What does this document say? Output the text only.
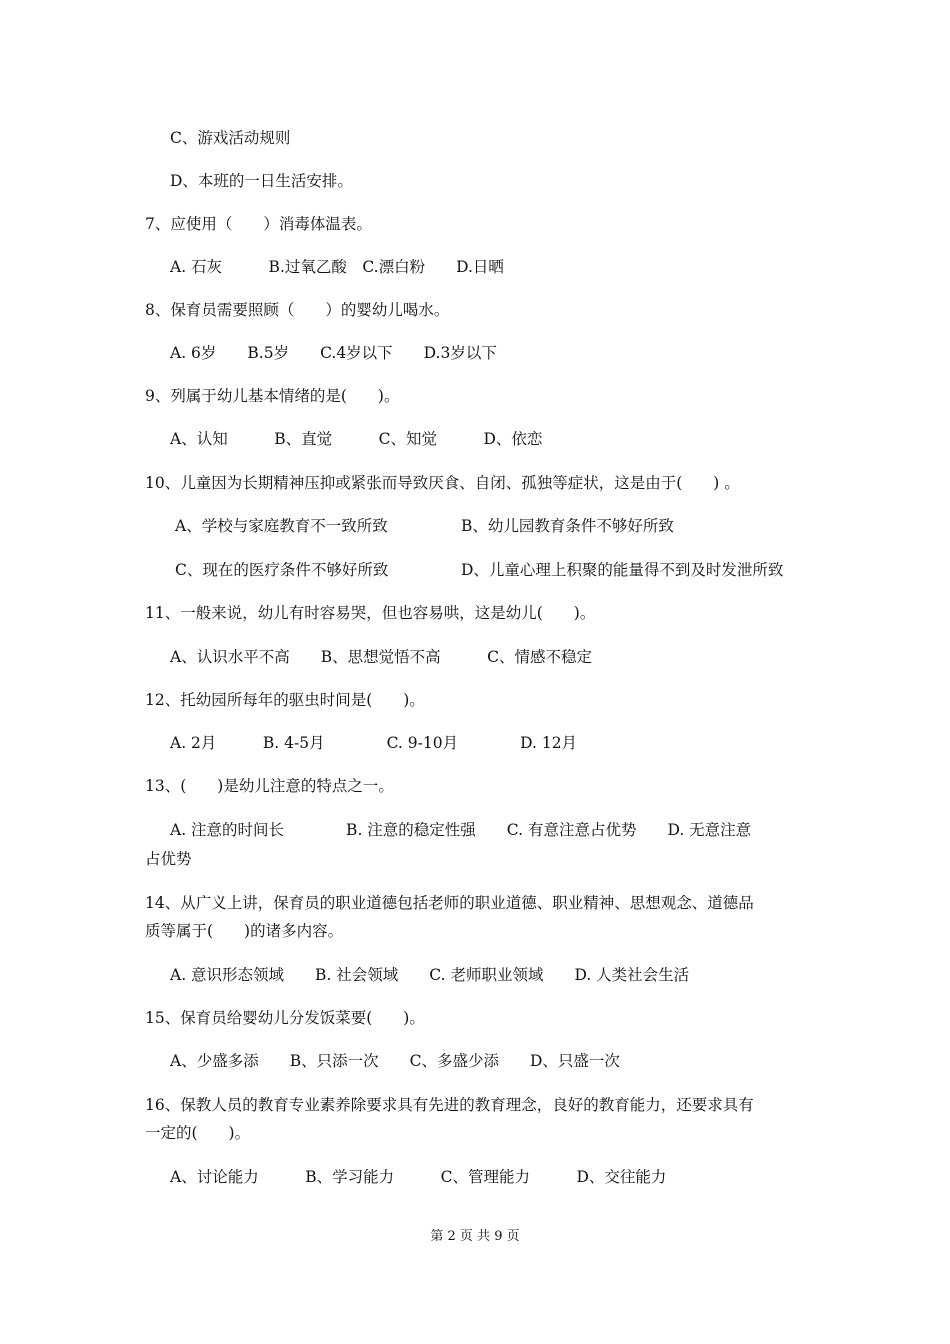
C、游戏活动规则
D、本班的一日生活安排。
7、应使用（　　）消毒体温表。
A. 石灰　　　B.过氧乙酸　C.漂白粉　　D.日晒
8、保育员需要照顾（　　）的婴幼儿喝水。
A. 6岁　　B.5岁　　C.4岁以下　　D.3岁以下
9、列属于幼儿基本情绪的是(　　)。
A、认知　　　B、直觉　　　C、知觉　　　D、依恋
10、儿童因为长期精神压抑或紧张而导致厌食、自闭、孤独等症状，这是由于(　　) 。
A、学校与家庭教育不一致所致	B、幼儿园教育条件不够好所致
C、现在的医疗条件不够好所致	D、儿童心理上积聚的能量得不到及时发泄所致
11、一般来说，幼儿有时容易哭，但也容易哄，这是幼儿(　　)。
A、认识水平不高　　B、思想觉悟不高　　　C、情感不稳定
12、托幼园所每年的驱虫时间是(　　)。
A. 2月　　　B. 4-5月　　　　C. 9-10月　　　　D. 12月
13、(　　)是幼儿注意的特点之一。
A. 注意的时间长　　　　B. 注意的稳定性强　　C. 有意注意占优势　　D. 无意注意
占优势
14、从广义上讲，保育员的职业道德包括老师的职业道德、职业精神、思想观念、道德品
质等属于(　　)的诸多内容。
A. 意识形态领域　　B. 社会领域　　C. 老师职业领域　　D. 人类社会生活
15、保育员给婴幼儿分发饭菜要(　　)。
A、少盛多添　　B、只添一次　　C、多盛少添　　D、只盛一次
16、保教人员的教育专业素养除要求具有先进的教育理念，良好的教育能力，还要求具有
一定的(　　)。
A、讨论能力　　　B、学习能力　　　C、管理能力　　　D、交往能力
第 2 页 共 9 页
